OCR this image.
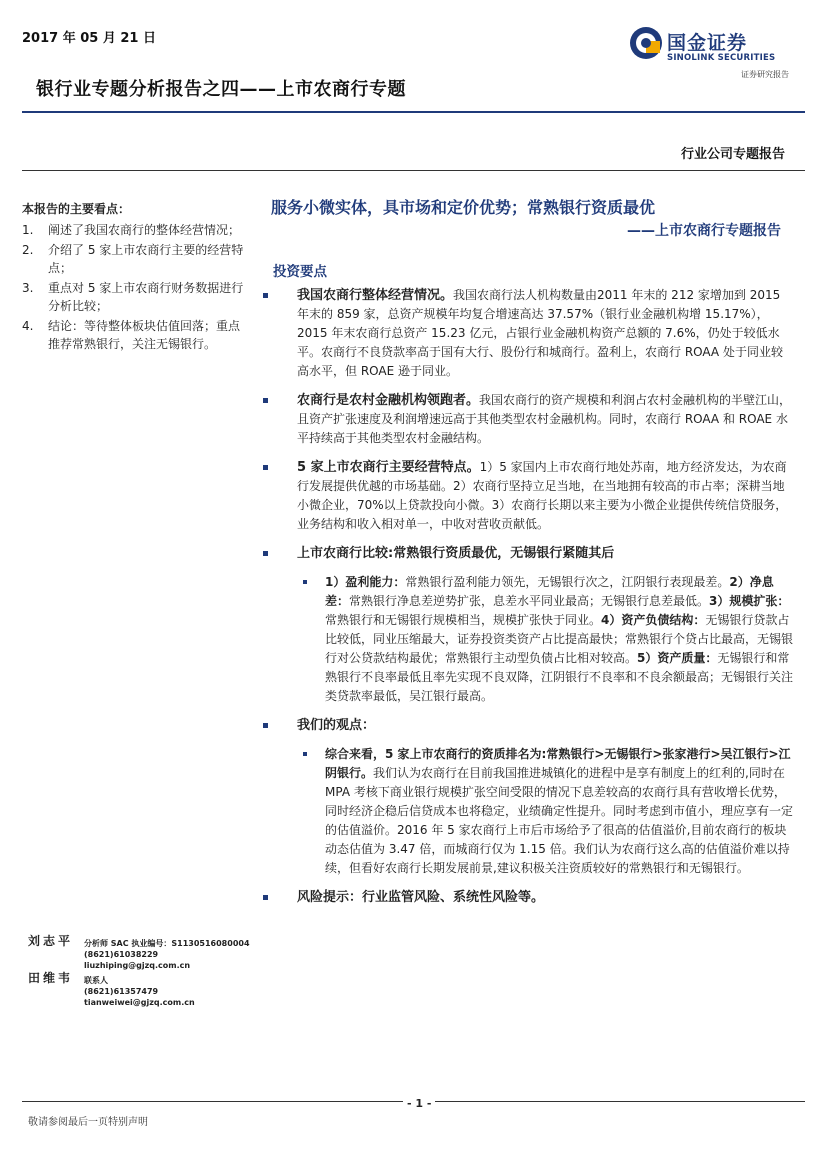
2017 年 05 月 21 日
银行业专题分析报告之四——上市农商行专题
国金证券
SINOLINK SECURITIES
证券研究报告
行业公司专题报告
本报告的主要看点：
1.	阐述了我国农商行的整体经营情况；
2.	介绍了 5 家上市农商行主要的经营特点；
3.	重点对 5 家上市农商行财务数据进行分析比较；
4.	结论：等待整体板块估值回落；重点推荐常熟银行，关注无锡银行。
刘志平 分析师 SAC 执业编号：S1130516080004
(8621)61038229
liuzhiping@gjzq.com.cn
田维韦 联系人
(8621)61357479
tianweiwei@gjzq.com.cn
服务小微实体，具市场和定价优势；常熟银行资质最优
——上市农商行专题报告
投资要点
我国农商行整体经营情况。我国农商行法人机构数量由2011 年末的 212 家增加到 2015 年末的 859 家，总资产规模年均复合增速高达 37.57%（银行业金融机构增 15.17%），2015 年末农商行总资产 15.23 亿元，占银行业金融机构资产总额的 7.6%，仍处于较低水平。农商行不良贷款率高于国有大行、股份行和城商行。盈利上，农商行 ROAA 处于同业较高水平，但 ROAE 逊于同业。
农商行是农村金融机构领跑者。我国农商行的资产规模和利润占农村金融机构的半壁江山，且资产扩张速度及利润增速远高于其他类型农村金融机构。同时，农商行 ROAA 和 ROAE 水平持续高于其他类型农村金融结构。
5 家上市农商行主要经营特点。1）5 家国内上市农商行地处苏南，地方经济发达，为农商行发展提供优越的市场基础。2）农商行坚持立足当地，在当地拥有较高的市占率；深耕当地小微企业，70%以上贷款投向小微。3）农商行长期以来主要为小微企业提供传统信贷服务，业务结构和收入相对单一，中收对营收贡献低。
上市农商行比较:常熟银行资质最优，无锡银行紧随其后
1）盈利能力：常熟银行盈利能力领先，无锡银行次之，江阴银行表现最差。2）净息差：常熟银行净息差逆势扩张，息差水平同业最高；无锡银行息差最低。3）规模扩张：常熟银行和无锡银行规模相当，规模扩张快于同业。4）资产负债结构：无锡银行贷款占比较低，同业压缩最大，证券投资类资产占比提高最快；常熟银行个贷占比最高，无锡银行对公贷款结构最优；常熟银行主动型负债占比相对较高。5）资产质量：无锡银行和常熟银行不良率最低且率先实现不良双降，江阴银行不良率和不良余额最高；无锡银行关注类贷款率最低，吴江银行最高。
我们的观点：
综合来看，5 家上市农商行的资质排名为:常熟银行>无锡银行>张家港行>吴江银行>江阴银行。我们认为农商行在目前我国推进城镇化的进程中是享有制度上的红利的,同时在 MPA 考核下商业银行规模扩张空间受限的情况下息差较高的农商行具有营收增长优势，同时经济企稳后信贷成本也将稳定，业绩确定性提升。同时考虑到市值小，理应享有一定的估值溢价。2016 年 5 家农商行上市后市场给予了很高的估值溢价,目前农商行的板块动态估值为 3.47 倍，而城商行仅为 1.15 倍。我们认为农商行这么高的估值溢价难以持续，但看好农商行长期发展前景,建议积极关注资质较好的常熟银行和无锡银行。
风险提示：行业监管风险、系统性风险等。
- 1 -
敬请参阅最后一页特别声明
